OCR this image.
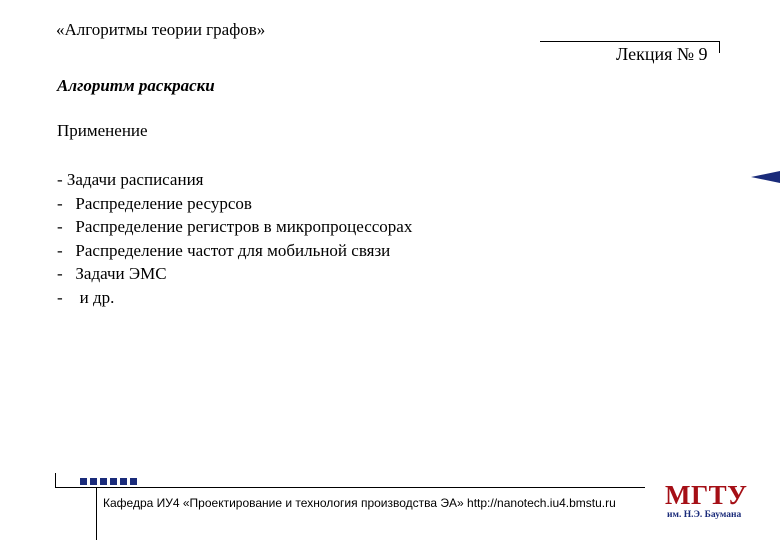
«Алгоритмы теории графов»
Лекция № 9
Алгоритм раскраски
Применение
- Задачи расписания
-   Распределение ресурсов
-   Распределение регистров в микропроцессорах
-   Распределение частот для мобильной связи
-   Задачи ЭМС
-    и др.
Кафедра ИУ4 «Проектирование и технология производства ЭА» http://nanotech.iu4.bmstu.ru МГТУ
им. Н.Э. Баумана
